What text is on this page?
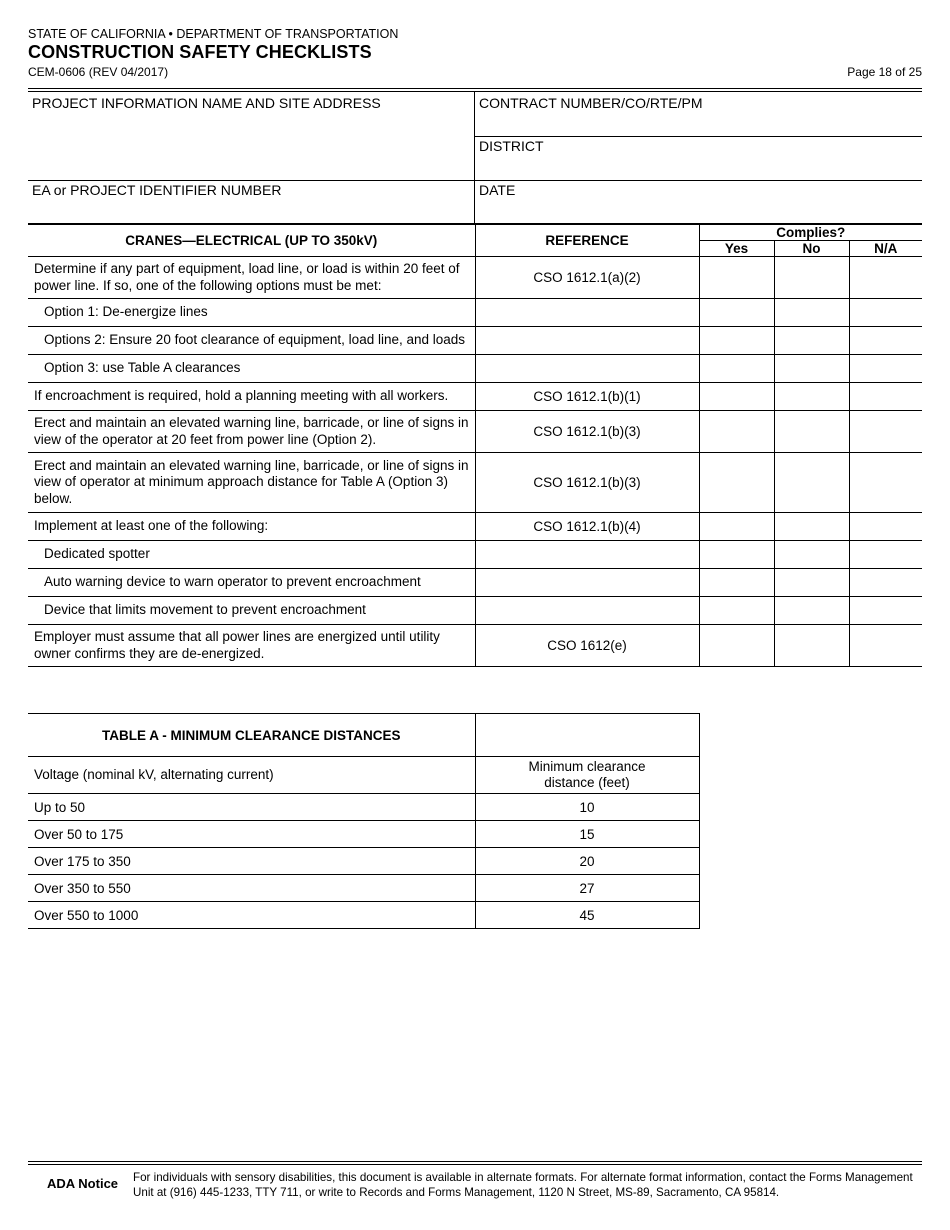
STATE OF CALIFORNIA • DEPARTMENT OF TRANSPORTATION
CONSTRUCTION SAFETY CHECKLISTS
CEM-0606 (REV 04/2017)	Page 18 of 25
PROJECT INFORMATION NAME AND SITE ADDRESS	CONTRACT NUMBER/CO/RTE/PM
DISTRICT
EA or PROJECT IDENTIFIER NUMBER	DATE
CRANES—ELECTRICAL (UP TO 350kV)	REFERENCE	Complies?		
		Yes	No	N/A
Determine if any part of equipment, load line, or load is within 20 feet of power line. If so, one of the following options must be met:	CSO 1612.1(a)(2)			
Option 1: De-energize lines				
Options 2: Ensure 20 foot clearance of equipment, load line, and loads				
Option 3: use Table A clearances				
If encroachment is required, hold a planning meeting with all workers.	CSO 1612.1(b)(1)			
Erect and maintain an elevated warning line, barricade, or line of signs in view of the operator at 20 feet from power line (Option 2).	CSO 1612.1(b)(3)			
Erect and maintain an elevated warning line, barricade, or line of signs in view of operator at minimum approach distance for Table A (Option 3) below.	CSO 1612.1(b)(3)			
Implement at least one of the following:	CSO 1612.1(b)(4)			
Dedicated spotter				
Auto warning device to warn operator to prevent encroachment				
Device that limits movement to prevent encroachment				
Employer must assume that all power lines are energized until utility owner confirms they are de-energized.	CSO 1612(e)			
TABLE A - MINIMUM CLEARANCE DISTANCES	
Voltage (nominal kV, alternating current)	Minimum clearance distance (feet)
Up to 50	10
Over 50 to 175	15
Over 175 to 350	20
Over 350 to 550	27
Over 550 to 1000	45
ADA Notice For individuals with sensory disabilities, this document is available in alternate formats. For alternate format information, contact the Forms Management Unit at (916) 445-1233, TTY 711, or write to Records and Forms Management, 1120 N Street, MS-89, Sacramento, CA 95814.
